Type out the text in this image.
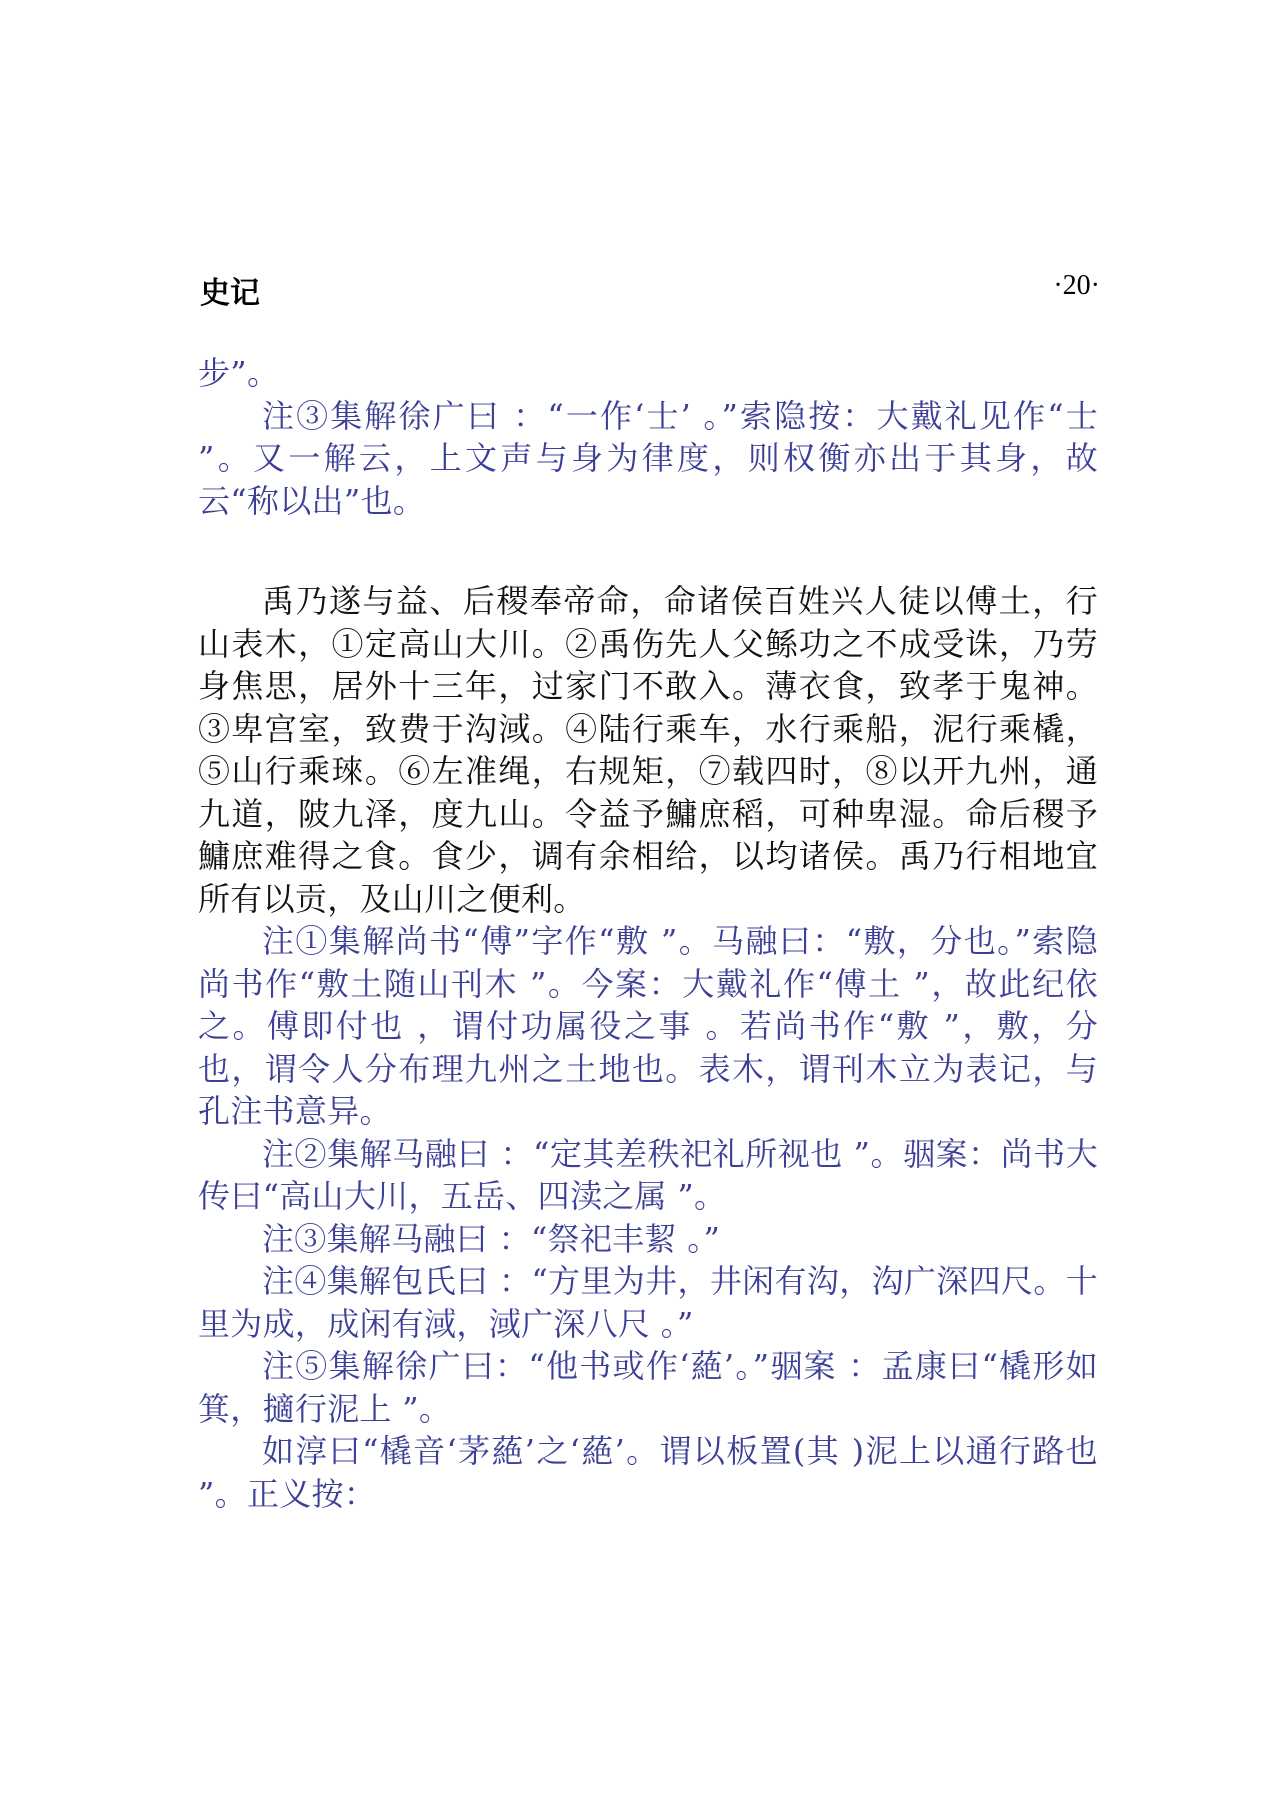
史记	·20·

步”。

注③集解徐广曰 ：“一作‘士’ 。”索隐按：大戴礼见作“士 ”。又一解云，上文声与身为律度，则权衡亦出于其身，故云“称以出”也。

禹乃遂与益、后稷奉帝命，命诸侯百姓兴人徒以傅土，行山表木，①定高山大川。②禹伤先人父鲧功之不成受诛，乃劳身焦思，居外十三年，过家门不敢入。薄衣食，致孝于鬼神。③卑宫室，致费于沟淢。④陆行乘车，水行乘船，泥行乘橇，⑤山行乘琜。⑥左准绳，右规矩，⑦载四时，⑧以开九州，通九道，陂九泽，度九山。令益予鱅庶稻，可种卑湿。命后稷予鱅庶难得之食。食少，调有余相给，以均诸侯。禹乃行相地宜所有以贡，及山川之便利。

注①集解尚书“傅”字作“敷 ”。马融曰：“敷，分也。”索隐尚书作“敷土随山刊木 ”。今案：大戴礼作“傅土 ”，故此纪依之。傅即付也 ，谓付功属役之事 。若尚书作“敷 ”，敷，分也，谓令人分布理九州之土地也。表木，谓刊木立为表记，与孔注书意异。

注②集解马融曰 ：“定其差秩祀礼所视也 ”。骃案：尚书大传曰“高山大川，五岳、四渎之属 ”。

注③集解马融曰 ：“祭祀丰絜 。”

注④集解包氏曰 ：“方里为井，井闲有沟，沟广深四尺。十里为成，成闲有淢，淢广深八尺 。”

注⑤集解徐广曰：“他书或作‘蕝’。”骃案 ：孟康曰“橇形如箕，擿行泥上 ”。

如淳曰“橇音‘茅蕝’之‘蕝’。谓以板置(其 )泥上以通行路也 ”。正义按：
